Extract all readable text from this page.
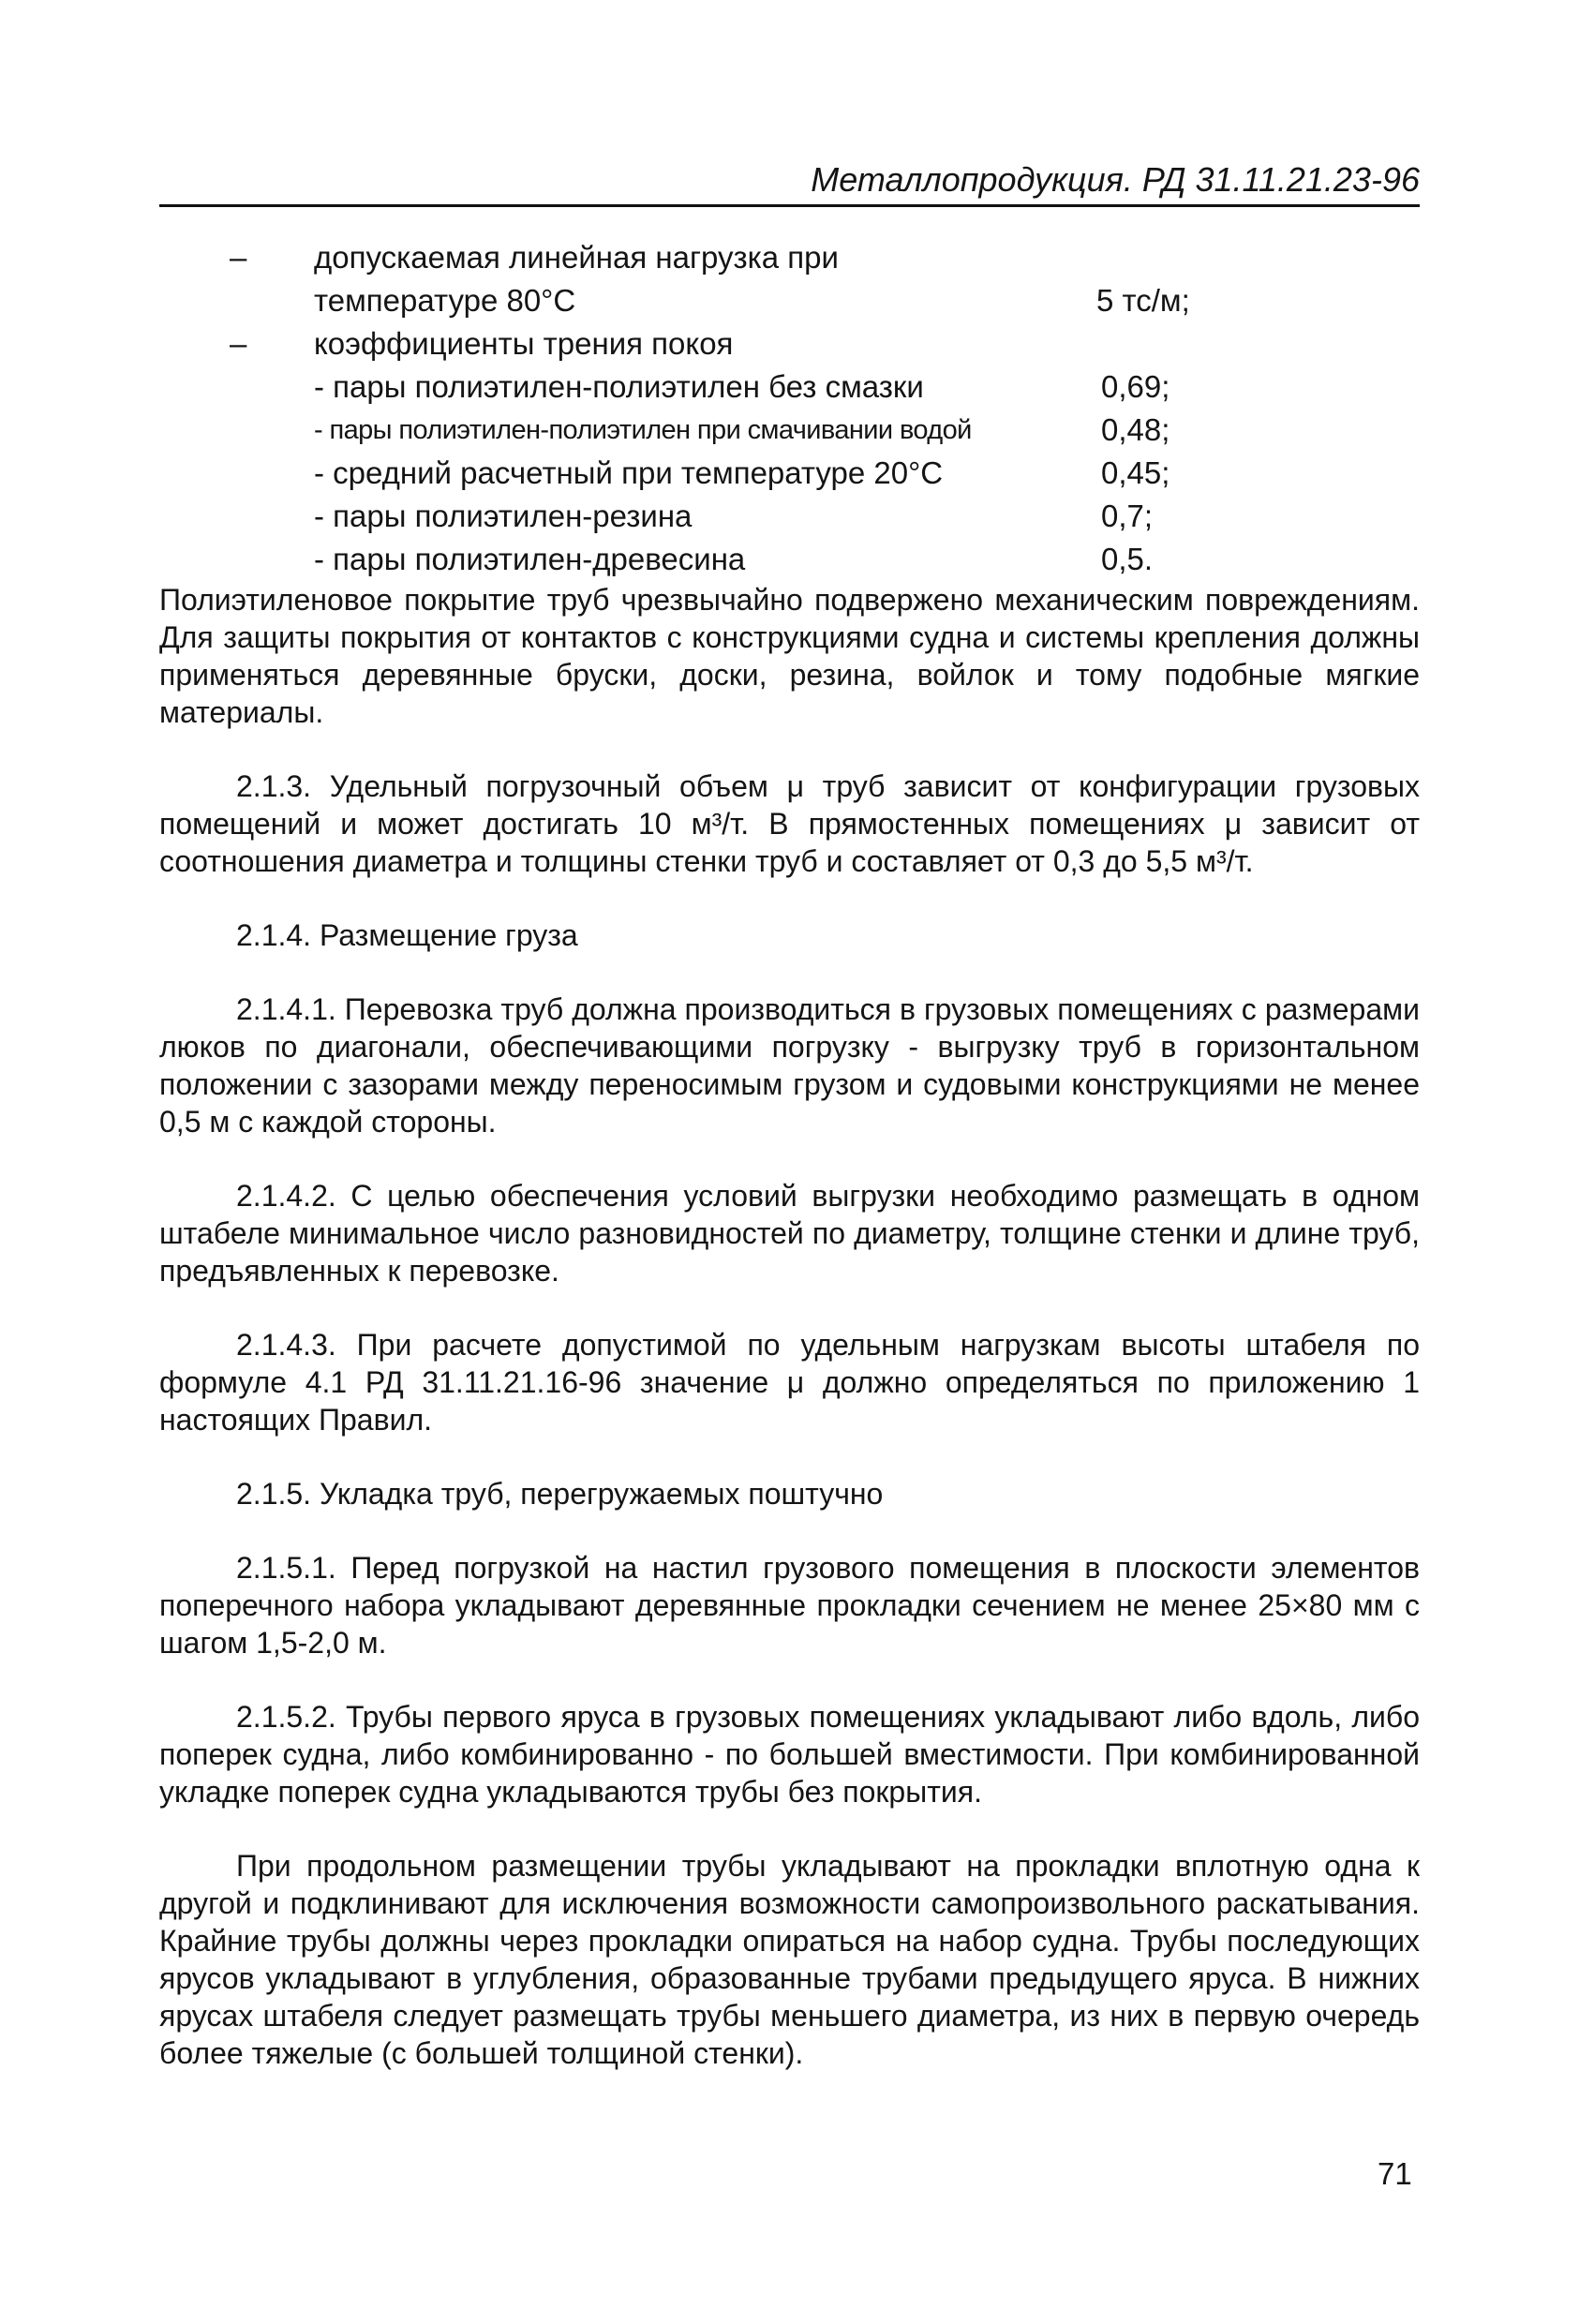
Металлопродукция. РД 31.11.21.23-96
– допускаемая линейная нагрузка при температуре 80°С	5 тс/м;
– коэффициенты трения покоя
- пары полиэтилен-полиэтилен без смазки	0,69;
- пары полиэтилен-полиэтилен при смачивании водой	0,48;
- средний расчетный при температуре 20°С	0,45;
- пары полиэтилен-резина	0,7;
- пары полиэтилен-древесина	0,5.

Полиэтиленовое покрытие труб чрезвычайно подвержено механическим повреждениям. Для защиты покрытия от контактов с конструкциями судна и системы крепления должны применяться деревянные бруски, доски, резина, войлок и тому подобные мягкие материалы.

2.1.3. Удельный погрузочный объем μ труб зависит от конфигурации грузовых помещений и может достигать 10 м³/т. В прямостенных помещениях μ зависит от соотношения диаметра и толщины стенки труб и составляет от 0,3 до 5,5 м³/т.

2.1.4. Размещение груза

2.1.4.1. Перевозка труб должна производиться в грузовых помещениях с размерами люков по диагонали, обеспечивающими погрузку - выгрузку труб в горизонтальном положении с зазорами между переносимым грузом и судовыми конструкциями не менее 0,5 м с каждой стороны.

2.1.4.2. С целью обеспечения условий выгрузки необходимо размещать в одном штабеле минимальное число разновидностей по диаметру, толщине стенки и длине труб, предъявленных к перевозке.

2.1.4.3. При расчете допустимой по удельным нагрузкам высоты штабеля по формуле 4.1 РД 31.11.21.16-96 значение μ должно определяться по приложению 1 настоящих Правил.

2.1.5. Укладка труб, перегружаемых поштучно

2.1.5.1. Перед погрузкой на настил грузового помещения в плоскости элементов поперечного набора укладывают деревянные прокладки сечением не менее 25×80 мм с шагом 1,5-2,0 м.

2.1.5.2. Трубы первого яруса в грузовых помещениях укладывают либо вдоль, либо поперек судна, либо комбинированно - по большей вместимости. При комбинированной укладке поперек судна укладываются трубы без покрытия.

При продольном размещении трубы укладывают на прокладки вплотную одна к другой и подклинивают для исключения возможности самопроизвольного раскатывания. Крайние трубы должны через прокладки опираться на набор судна. Трубы последующих ярусов укладывают в углубления, образованные трубами предыдущего яруса. В нижних ярусах штабеля следует размещать трубы меньшего диаметра, из них в первую очередь более тяжелые (с большей толщиной стенки).

71
